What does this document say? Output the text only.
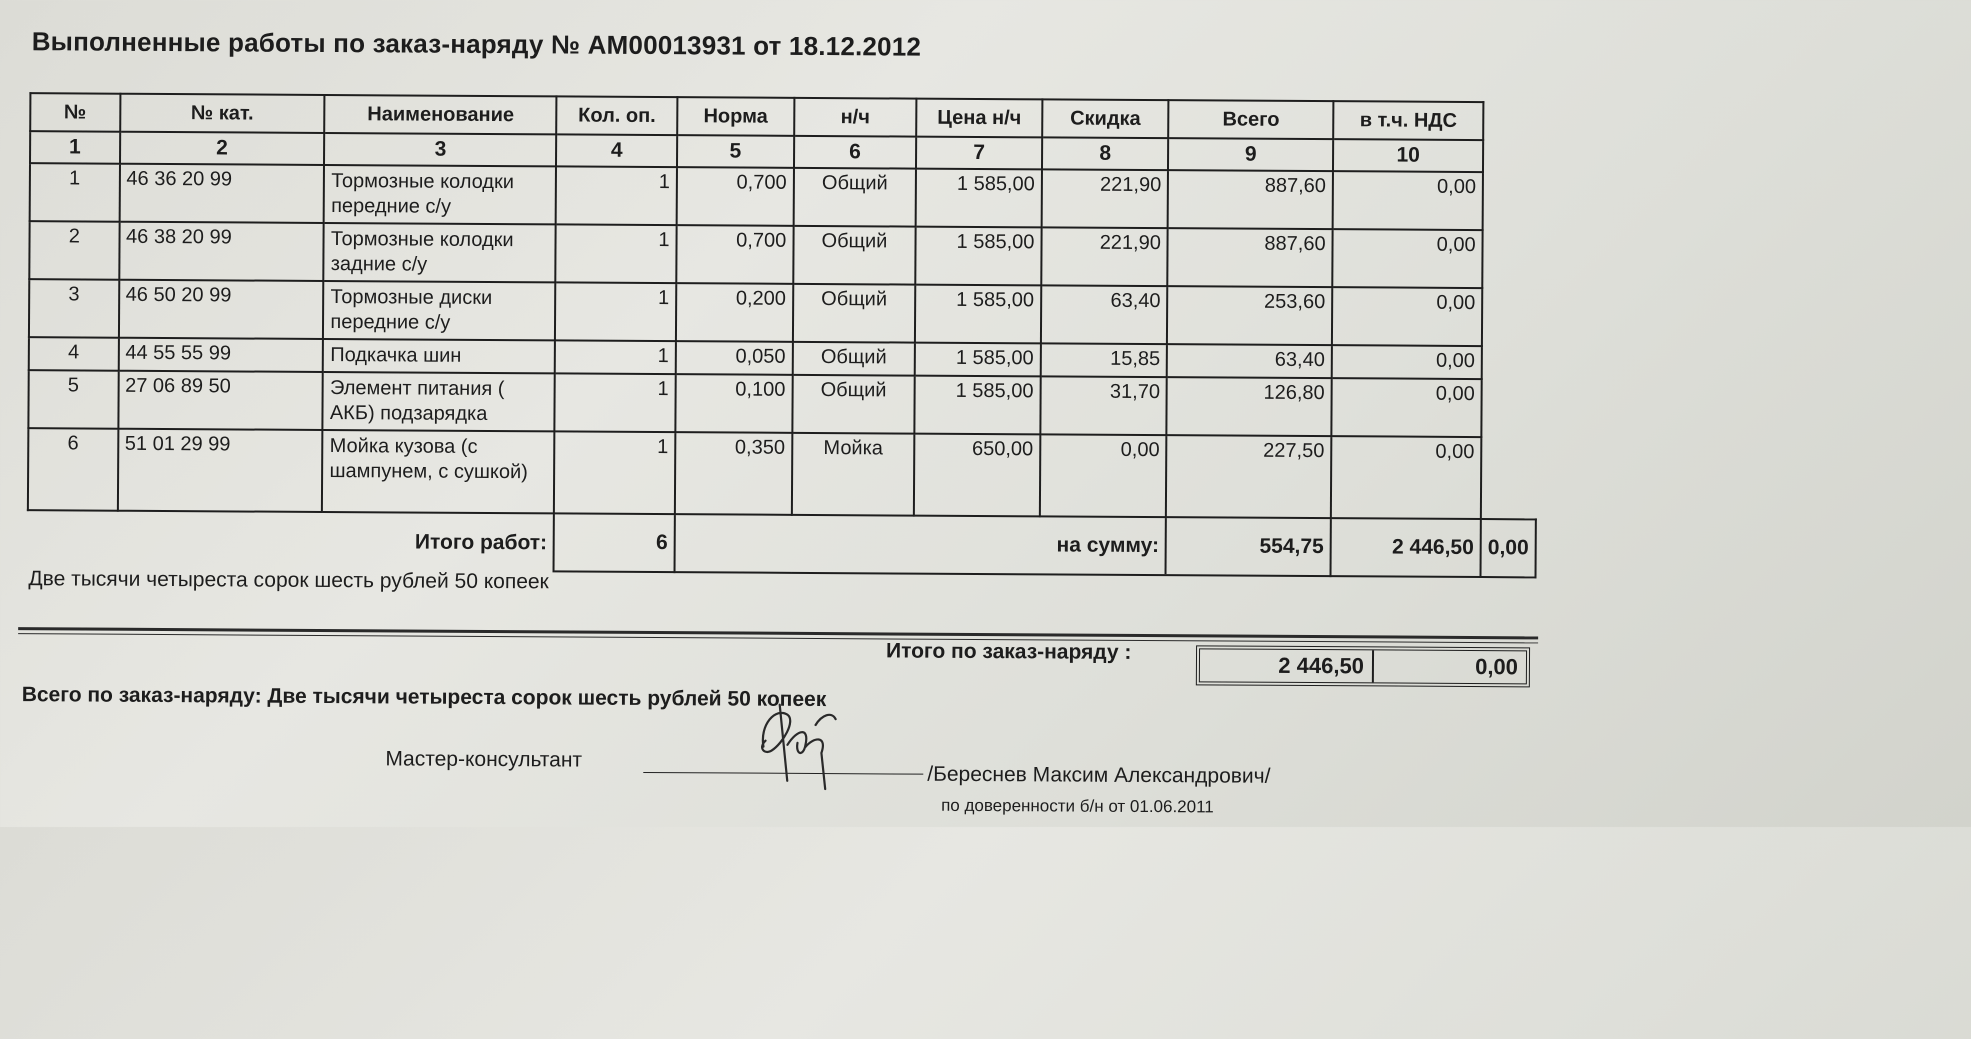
Выполненные работы по заказ-наряду № АМ00013931 от 18.12.2012
№	№ кат.	Наименование	Кол. оп.	Норма	н/ч	Цена н/ч	Скидка	Всего	в т.ч. НДС	
1	2	3	4	5	6	7	8	9	10	
1	46 36 20 99	Тормозные колодки передние с/у	1	0,700	Общий	1 585,00	221,90	887,60	0,00	
2	46 38 20 99	Тормозные колодки задние с/у	1	0,700	Общий	1 585,00	221,90	887,60	0,00	
3	46 50 20 99	Тормозные диски передние с/у	1	0,200	Общий	1 585,00	63,40	253,60	0,00	
4	44 55 55 99	Подкачка шин	1	0,050	Общий	1 585,00	15,85	63,40	0,00	
5	27 06 89 50	Элемент питания ( АКБ) подзарядка	1	0,100	Общий	1 585,00	31,70	126,80	0,00	
6	51 01 29 99	Мойка кузова (с шампунем, с сушкой)	1	0,350	Мойка	650,00	0,00	227,50	0,00	
		Итого работ:	6	на сумму:				554,75	2 446,50	0,00
Две тысячи четыреста сорок шесть рублей 50 копеек
Итого по заказ-наряду :
2 446,50	0,00
Всего по заказ-наряду: Две тысячи четыреста сорок шесть рублей 50 копеек
Мастер-консультант
/Береснев Максим Александрович/
по доверенности б/н от 01.06.2011
